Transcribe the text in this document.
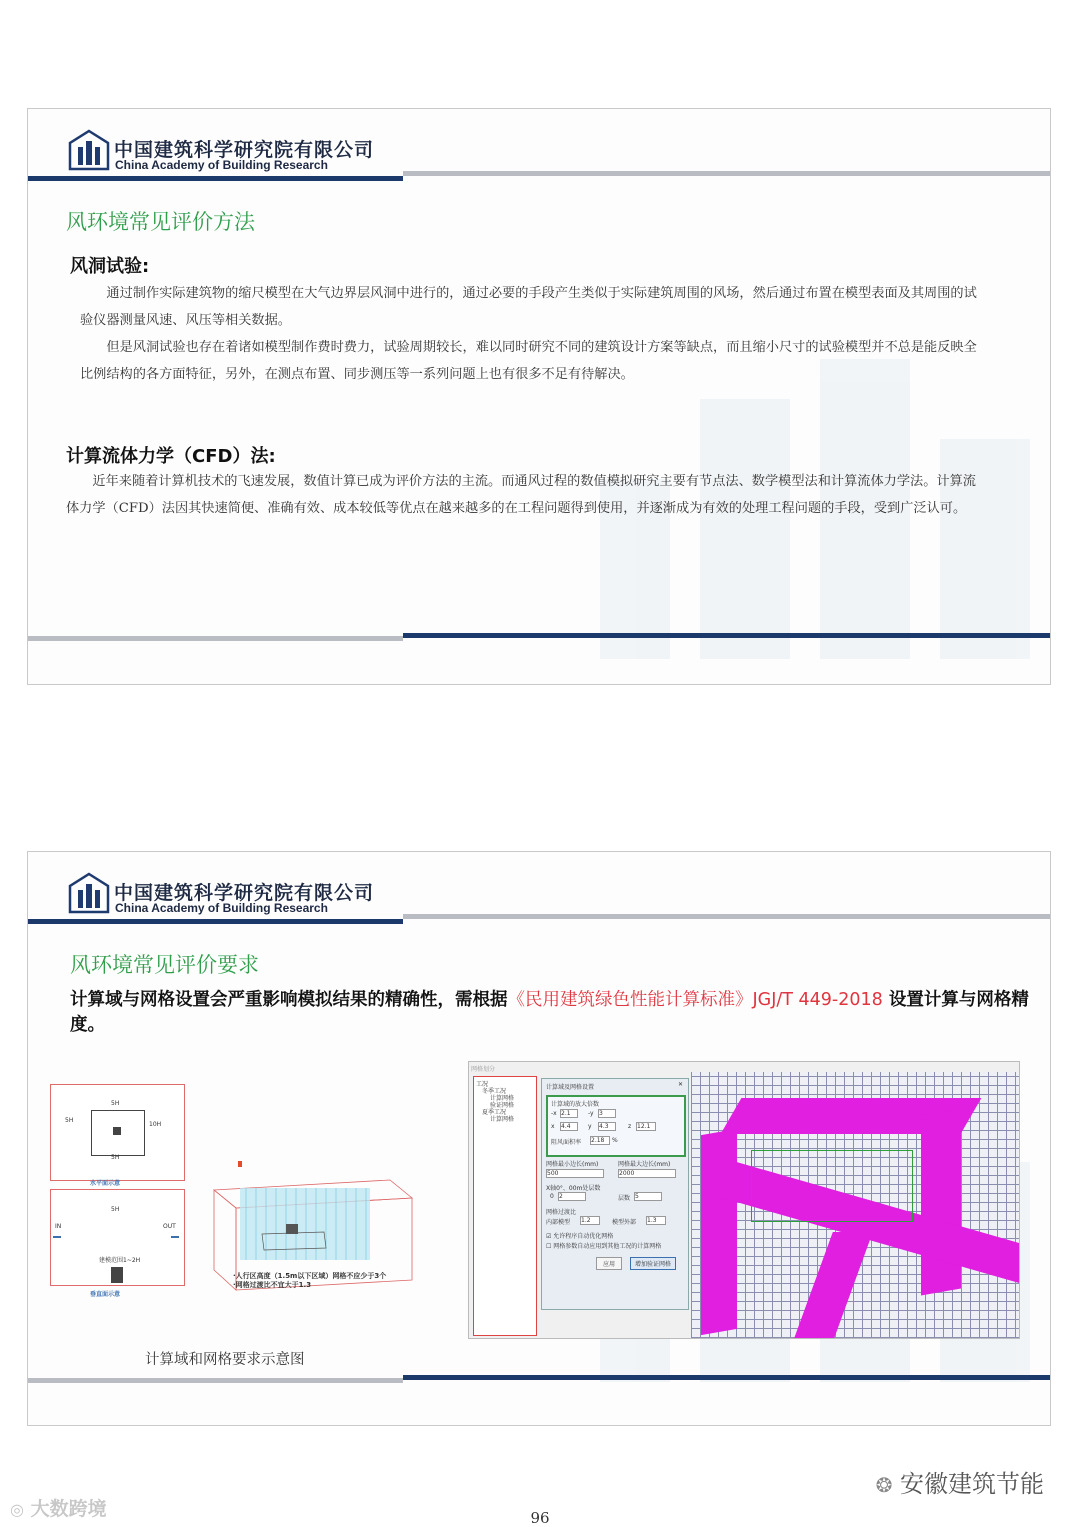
中国建筑科学研究院有限公司
China Academy of Building Research
风环境常见评价方法
风洞试验:
通过制作实际建筑物的缩尺模型在大气边界层风洞中进行的，通过必要的手段产生类似于实际建筑周围的风场，然后通过布置在模型表面及其周围的试验仪器测量风速、风压等相关数据。
但是风洞试验也存在着诸如模型制作费时费力，试验周期较长，难以同时研究不同的建筑设计方案等缺点，而且缩小尺寸的试验模型并不总是能反映全比例结构的各方面特征，另外，在测点布置、同步测压等一系列问题上也有很多不足有待解决。
计算流体力学（CFD）法:
近年来随着计算机技术的飞速发展，数值计算已成为评价方法的主流。而通风过程的数值模拟研究主要有节点法、数学模型法和计算流体力学法。计算流体力学（CFD）法因其快速简便、准确有效、成本较低等优点在越来越多的在工程问题得到使用，并逐渐成为有效的处理工程问题的手段，受到广泛认可。
中国建筑科学研究院有限公司
China Academy of Building Research
风环境常见评价要求
计算域与网格设置会严重影响模拟结果的精确性，需根据《民用建筑绿色性能计算标准》JGJ/T 449-2018 设置计算与网格精度。
5H
5H
10H
5H
水平面示意
IN	OUT
5H
建模范围1~2H
垂直面示意
·人行区高度（1.5m以下区域）网格不应少于3个
·网格过渡比不宜大于1.3
网格划分
工况
冬季工况
计算网格
验证网格
夏季工况
计算网格
计算域及网格设置	✕
计算域的放大倍数
-x 2.1	-y 3
x 4.4	y 4.3	z 12.1
阻风面积率 2.18	%
网格最小边长(mm)	网格最大边长(mm)
500	2000
X轴0°、00m处层数
0 2	层数 5
网格过渡比
内部模型 1.2	模型外部 1.3
☑ 允许程序自动优化网格
☐ 网格参数自动应用到其他工况的计算网格
应用	增加验证网格
计算域和网格要求示意图
❂ 安徽建筑节能
◎ 大数跨境	96
